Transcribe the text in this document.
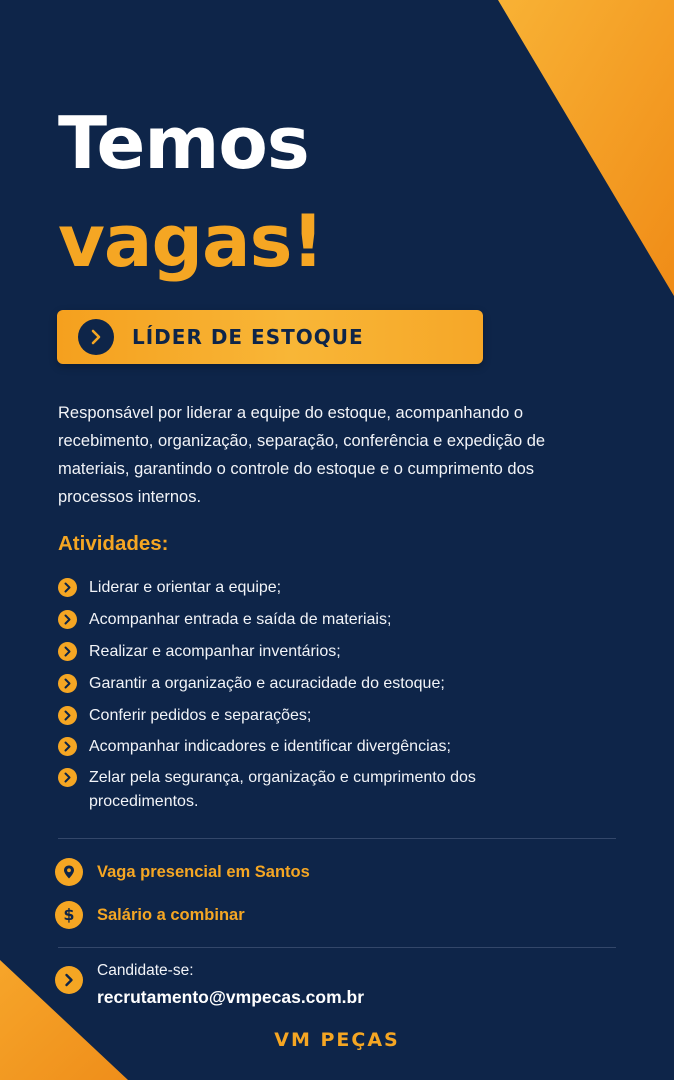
Temos
vagas!
LÍDER DE ESTOQUE
Responsável por liderar a equipe do estoque, acompanhando o recebimento, organização, separação, conferência e expedição de materiais, garantindo o controle do estoque e o cumprimento dos processos internos.
Atividades:
Liderar e orientar a equipe;
Acompanhar entrada e saída de materiais;
Realizar e acompanhar inventários;
Garantir a organização e acuracidade do estoque;
Conferir pedidos e separações;
Acompanhar indicadores e identificar divergências;
Zelar pela segurança, organização e cumprimento dos procedimentos.
Vaga presencial em Santos
$ Salário a combinar
Candidate-se:
recrutamento@vmpecas.com.br
VM PEÇAS
